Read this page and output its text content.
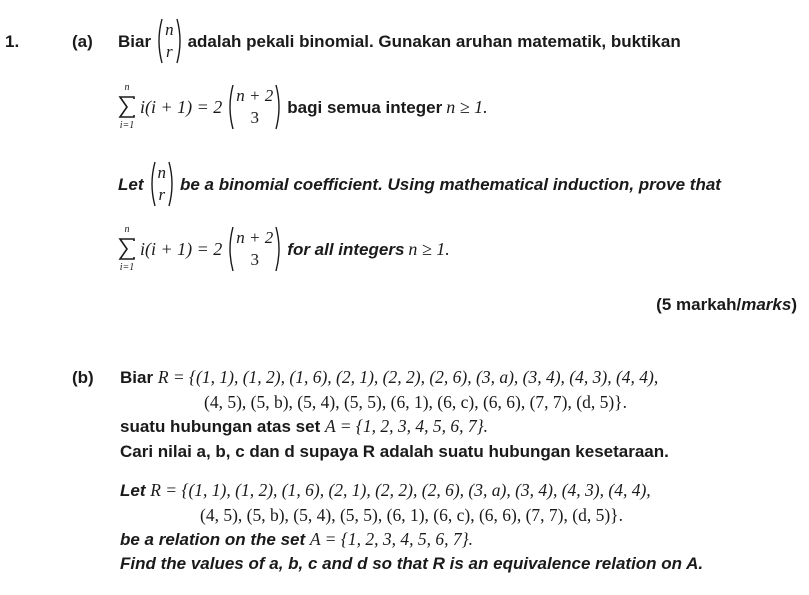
1.	(a) Biar
n
r
adalah pekali binomial. Gunakan aruhan matematik, buktikan
n
i=1
i(i + 1) = 2
n + 2
3
bagi semua integer n ≥ 1.
Let
n
r
be a binomial coefficient. Using mathematical induction, prove that
n
i=1
i(i + 1) = 2
n + 2
3
for all integers n ≥ 1.
(5 markah/marks)
(b) Biar R = {(1, 1), (1, 2), (1, 6), (2, 1), (2, 2), (2, 6), (3, a), (3, 4), (4, 3), (4, 4),
(4, 5), (5, b), (5, 4), (5, 5), (6, 1), (6, c), (6, 6), (7, 7), (d, 5)}.
suatu hubungan atas set A = {1, 2, 3, 4, 5, 6, 7}.
Cari nilai a, b, c dan d supaya R adalah suatu hubungan kesetaraan.
Let R = {(1, 1), (1, 2), (1, 6), (2, 1), (2, 2), (2, 6), (3, a), (3, 4), (4, 3), (4, 4),
(4, 5), (5, b), (5, 4), (5, 5), (6, 1), (6, c), (6, 6), (7, 7), (d, 5)}.
be a relation on the set A = {1, 2, 3, 4, 5, 6, 7}.
Find the values of a, b, c and d so that R is an equivalence relation on A.
